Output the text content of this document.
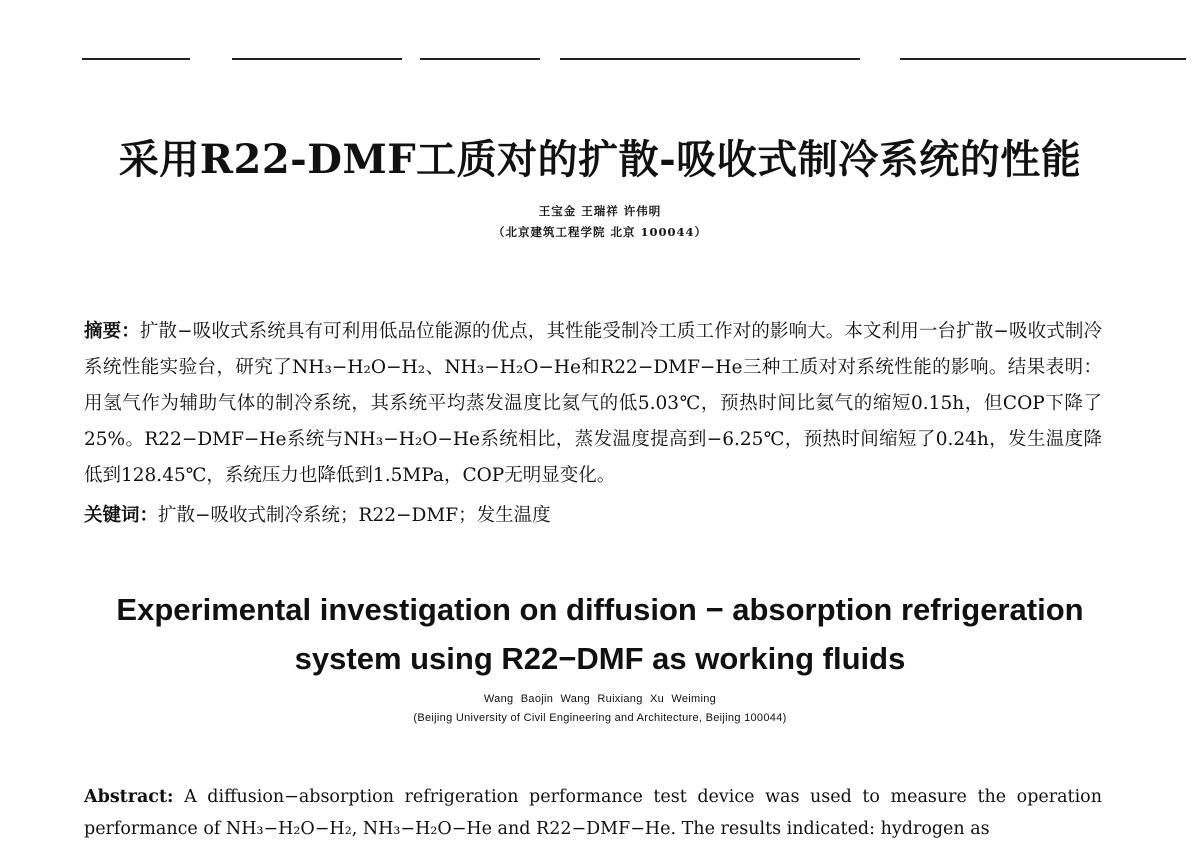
采用R22-DMF工质对的扩散-吸收式制冷系统的性能
王宝金 王瑞祥 许伟明
（北京建筑工程学院 北京 100044）
摘要：扩散−吸收式系统具有可利用低品位能源的优点，其性能受制冷工质工作对的影响大。本文利用一台扩散−吸收式制冷系统性能实验台，研究了NH₃−H₂O−H₂、NH₃−H₂O−He和R22−DMF−He三种工质对对系统性能的影响。结果表明：用氢气作为辅助气体的制冷系统，其系统平均蒸发温度比氦气的低5.03℃，预热时间比氦气的缩短0.15h，但COP下降了25%。R22−DMF−He系统与NH₃−H₂O−He系统相比，蒸发温度提高到−6.25℃，预热时间缩短了0.24h，发生温度降低到128.45℃，系统压力也降低到1.5MPa，COP无明显变化。
关键词：扩散−吸收式制冷系统；R22−DMF；发生温度
Experimental investigation on diffusion − absorption refrigeration
system using R22−DMF as working fluids
Wang Baojin Wang Ruixiang Xu Weiming
(Beijing University of Civil Engineering and Architecture, Beijing 100044)
Abstract: A diffusion−absorption refrigeration performance test device was used to measure the operation performance of NH₃−H₂O−H₂, NH₃−H₂O−He and R22−DMF−He. The results indicated: hydrogen as
